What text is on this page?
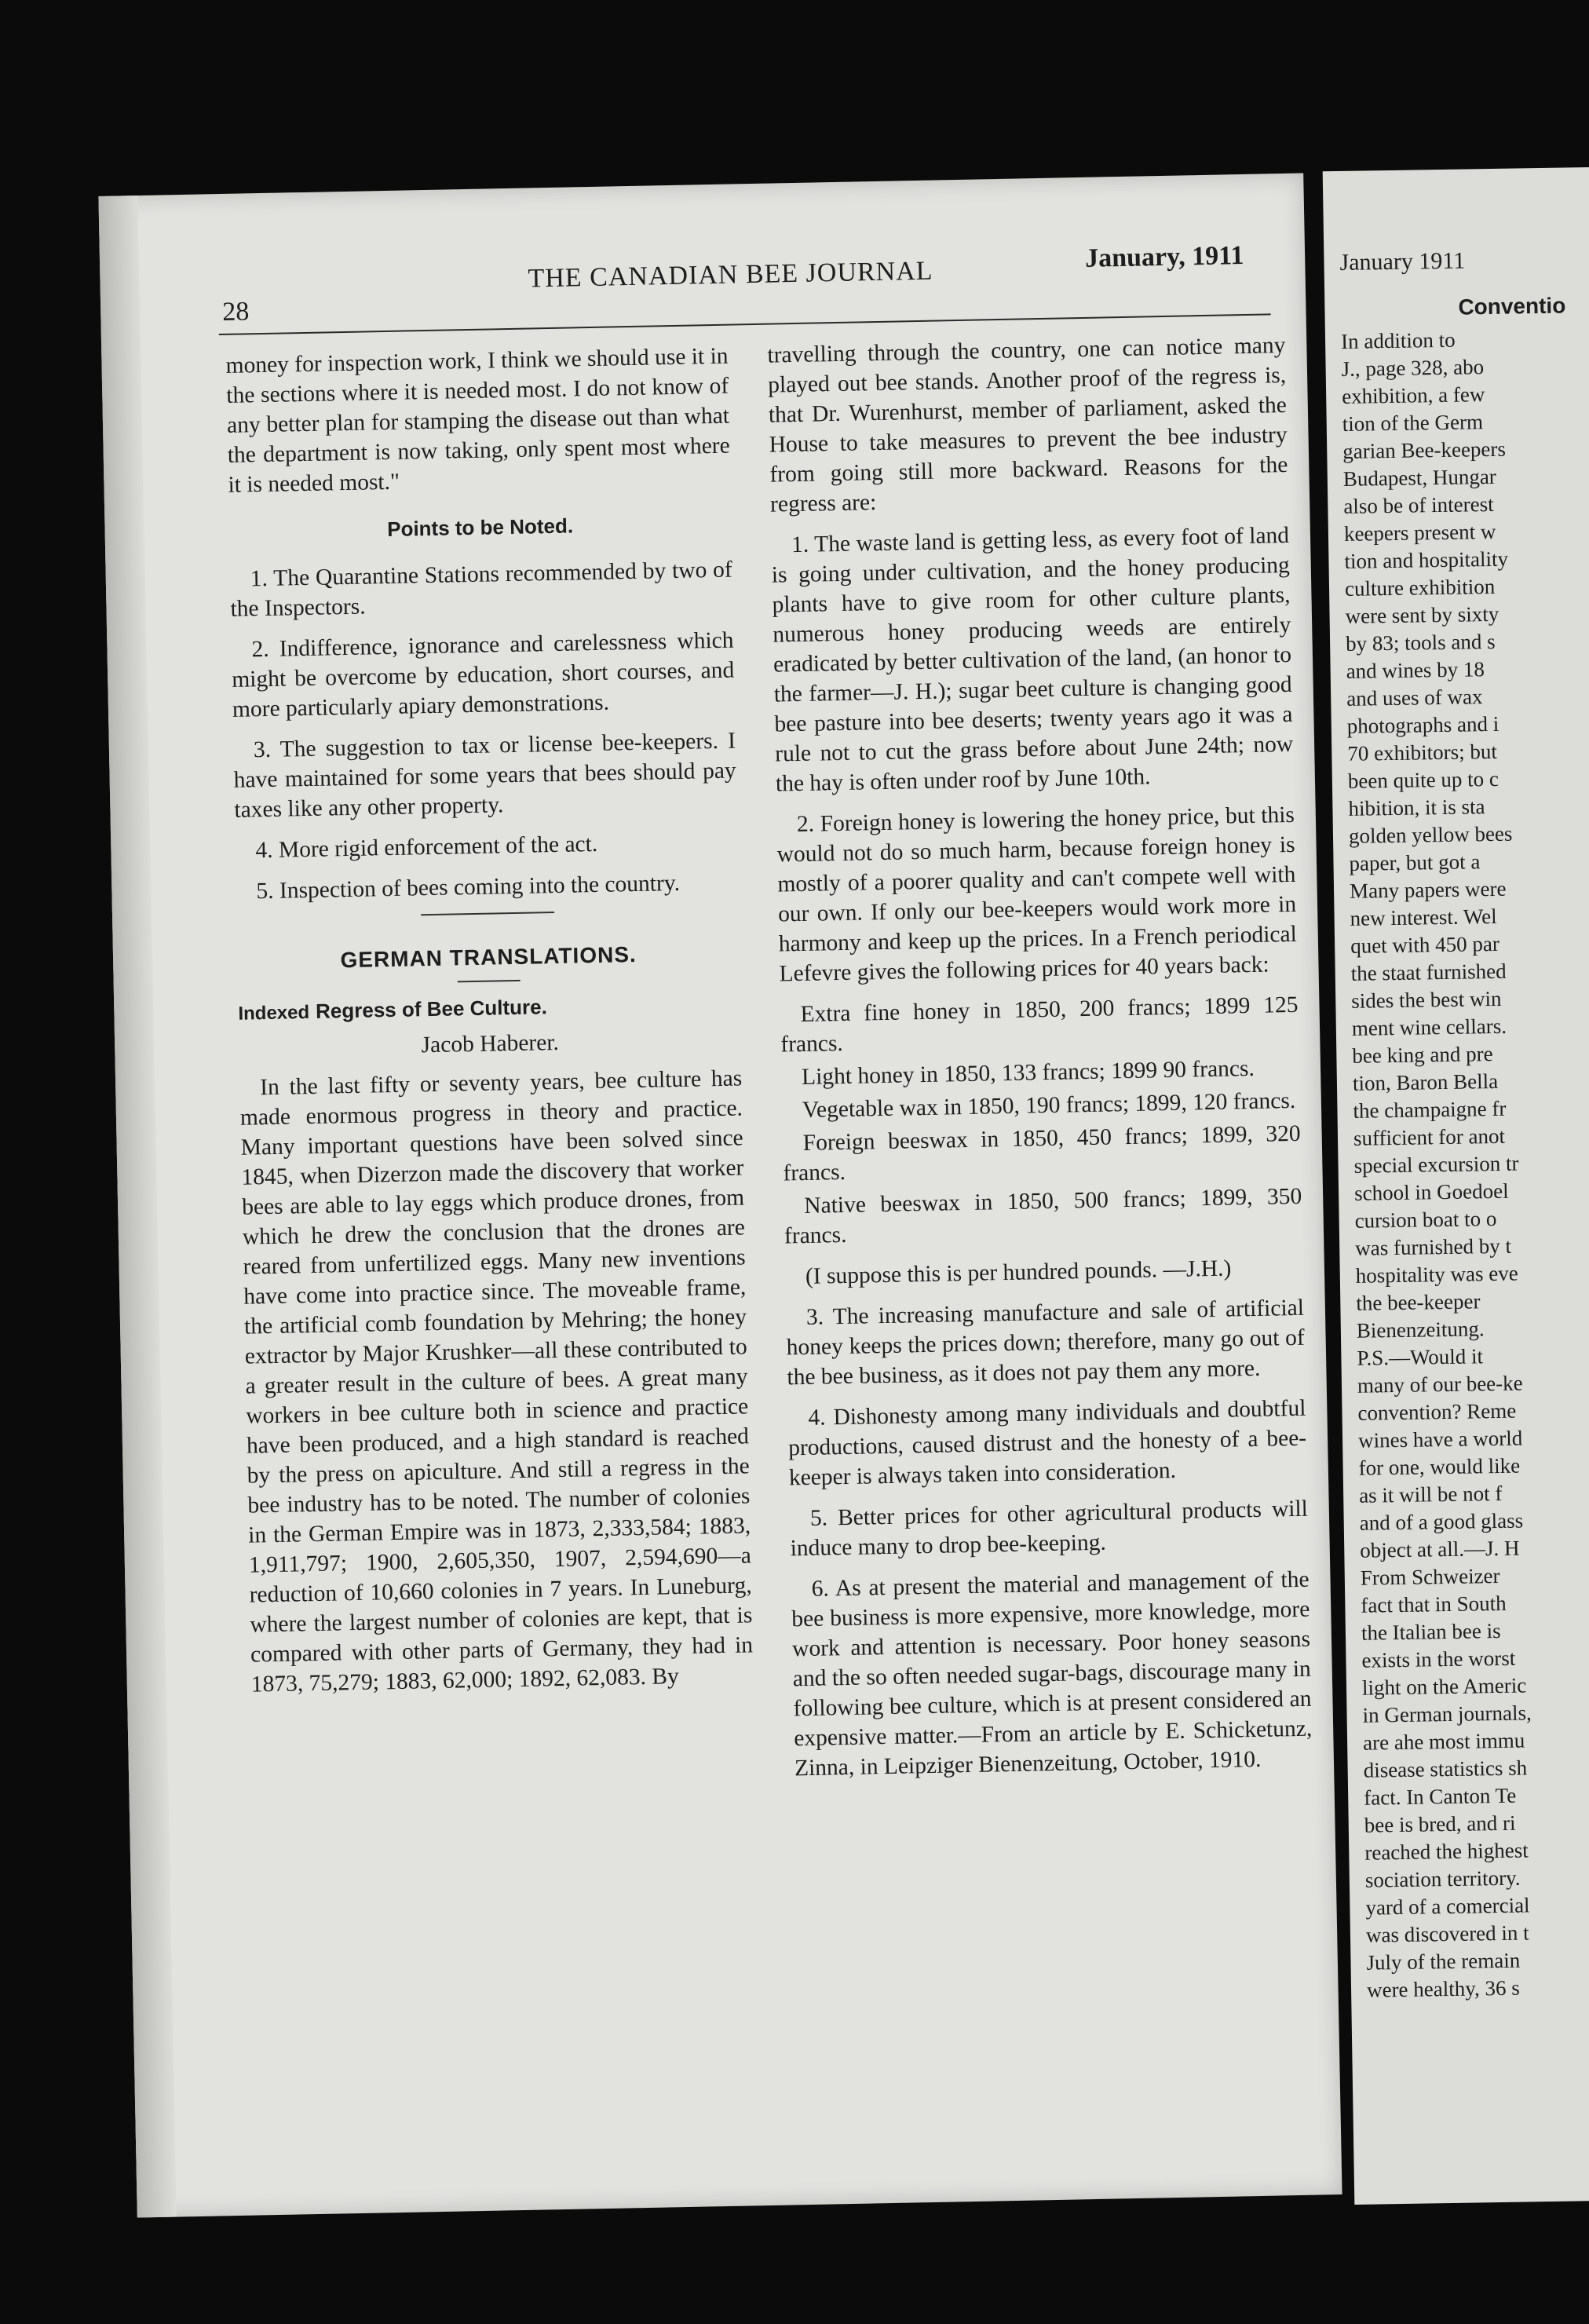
28
THE CANADIAN BEE JOURNAL	January, 1911

money for inspection work, I think we should use it in the sections where it is needed most. I do not know of any better plan for stamping the disease out than what the department is now taking, only spent most where it is needed most."

Points to be Noted.

1. The Quarantine Stations recommended by two of the Inspectors.

2. Indifference, ignorance and carelessness which might be overcome by education, short courses, and more particularly apiary demonstrations.

3. The suggestion to tax or license bee-keepers. I have maintained for some years that bees should pay taxes like any other property.

4. More rigid enforcement of the act.

5. Inspection of bees coming into the country.

GERMAN TRANSLATIONS.

Indexed Regress of Bee Culture.

Jacob Haberer.

In the last fifty or seventy years, bee culture has made enormous progress in theory and practice. Many important questions have been solved since 1845, when Dizerzon made the discovery that worker bees are able to lay eggs which produce drones, from which he drew the conclusion that the drones are reared from unfertilized eggs. Many new inventions have come into practice since. The moveable frame, the artificial comb foundation by Mehring; the honey extractor by Major Krushker—all these contributed to a greater result in the culture of bees. A great many workers in bee culture both in science and practice have been produced, and a high standard is reached by the press on apiculture. And still a regress in the bee industry has to be noted. The number of colonies in the German Empire was in 1873, 2,333,584; 1883, 1,911,797; 1900, 2,605,350, 1907, 2,594,690—a reduction of 10,660 colonies in 7 years. In Luneburg, where the largest number of colonies are kept, that is compared with other parts of Germany, they had in 1873, 75,279; 1883, 62,000; 1892, 62,083. By

travelling through the country, one can notice many played out bee stands. Another proof of the regress is, that Dr. Wurenhurst, member of parliament, asked the House to take measures to prevent the bee industry from going still more backward. Reasons for the regress are:

1. The waste land is getting less, as every foot of land is going under cultivation, and the honey producing plants have to give room for other culture plants, numerous honey producing weeds are entirely eradicated by better cultivation of the land, (an honor to the farmer—J. H.); sugar beet culture is changing good bee pasture into bee deserts; twenty years ago it was a rule not to cut the grass before about June 24th; now the hay is often under roof by June 10th.

2. Foreign honey is lowering the honey price, but this would not do so much harm, because foreign honey is mostly of a poorer quality and can't compete well with our own. If only our bee-keepers would work more in harmony and keep up the prices. In a French periodical Lefevre gives the following prices for 40 years back:

Extra fine honey in 1850, 200 francs; 1899 125 francs.

Light honey in 1850, 133 francs; 1899 90 francs.

Vegetable wax in 1850, 190 francs; 1899, 120 francs.

Foreign beeswax in 1850, 450 francs; 1899, 320 francs.

Native beeswax in 1850, 500 francs; 1899, 350 francs.

(I suppose this is per hundred pounds. —J.H.)

3. The increasing manufacture and sale of artificial honey keeps the prices down; therefore, many go out of the bee business, as it does not pay them any more.

4. Dishonesty among many individuals and doubtful productions, caused distrust and the honesty of a bee-keeper is always taken into consideration.

5. Better prices for other agricultural products will induce many to drop bee-keeping.

6. As at present the material and management of the bee business is more expensive, more knowledge, more work and attention is necessary. Poor honey seasons and the so often needed sugar-bags, discourage many in following bee culture, which is at present considered an expensive matter.—From an article by E. Schicketunz, Zinna, in Leipziger Bienenzeitung, October, 1910.

January 1911
Conventio
In addition to
J., page 328, abo
exhibition, a few
tion of the Germ
garian Bee-keepers
Budapest, Hungar
also be of interest
keepers present w
tion and hospitality
culture exhibition
were sent by sixty
by 83; tools and s
and wines by 18
and uses of wax
photographs and i
70 exhibitors; but
been quite up to c
hibition, it is sta
golden yellow bees
paper, but got a
Many papers were
new interest. Wel
quet with 450 par
the staat furnished
sides the best win
ment wine cellars.
bee king and pre
tion, Baron Bella
the champaigne fr
sufficient for anot
special excursion tr
school in Goedoel
cursion boat to o
was furnished by t
hospitality was eve
the bee-keeper
Bienenzeitung.
P.S.—Would it
many of our bee-ke
convention? Reme
wines have a world
for one, would like
as it will be not f
and of a good glass
object at all.—J. H
From Schweizer
fact that in South
the Italian bee is
exists in the worst
light on the Americ
in German journals,
are ahe most immu
disease statistics sh
fact. In Canton Te
bee is bred, and ri
reached the highest
sociation territory.
yard of a comercial
was discovered in t
July of the remain
were healthy, 36 s
